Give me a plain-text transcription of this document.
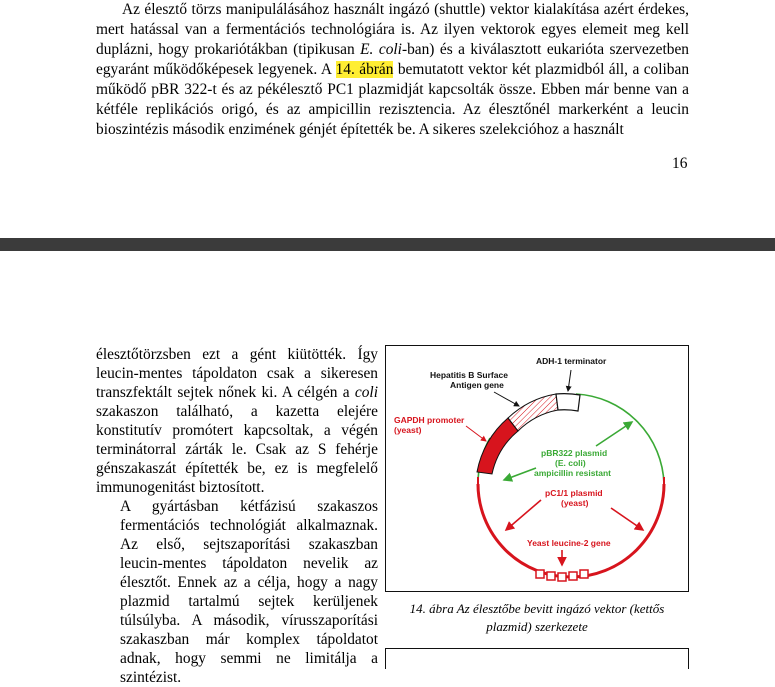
Az élesztő törzs manipulálásához használt ingázó (shuttle) vektor kialakítása azért érdekes, mert hatással van a fermentációs technológiára is. Az ilyen vektorok egyes elemeit meg kell duplázni, hogy prokariótákban (tipikusan E. coli-ban) és a kiválasztott eukarióta szervezetben egyaránt működőképesek legyenek. A 14. ábrán bemutatott vektor két plazmidból áll, a coliban működő pBR 322-t és az pékélesztő PC1 plazmidját kapcsolták össze. Ebben már benne van a kétféle replikációs origó, és az ampicillin rezisztencia. Az élesztőnél markerként a leucin bioszintézis második enzimének génjét építették be. A sikeres szelekcióhoz a használt

16

élesztőtörzsben ezt a gént kiütötték. Így leucin-mentes tápoldaton csak a sikeresen transzfektált sejtek nőnek ki. A célgén a coli szakaszon található, a kazetta elejére konstitutív promótert kapcsoltak, a végén terminátorral zárták le. Csak az S fehérje génszakaszát építették be, ez is megfelelő immunogenitást biztosított.

A gyártásban kétfázisú szakaszos fermentációs technológiát alkalmaznak. Az első, sejtszaporítási szakaszban leucin-mentes tápoldaton nevelik az élesztőt. Ennek az a célja, hogy a nagy plazmid tartalmú sejtek kerüljenek túlsúlyba. A második, vírusszaporítási szakaszban már komplex tápoldatot adnak, hogy semmi ne limitálja a szintézist.

ADH-1 terminator
Hepatitis B Surface
Antigen gene
GAPDH promoter
(yeast)
pBR322 plasmid
(E. coli)
ampicillin resistant
pC1/1 plasmid
(yeast)
Yeast leucine-2 gene
14. ábra Az élesztőbe bevitt ingázó vektor (kettős plazmid) szerkezete
